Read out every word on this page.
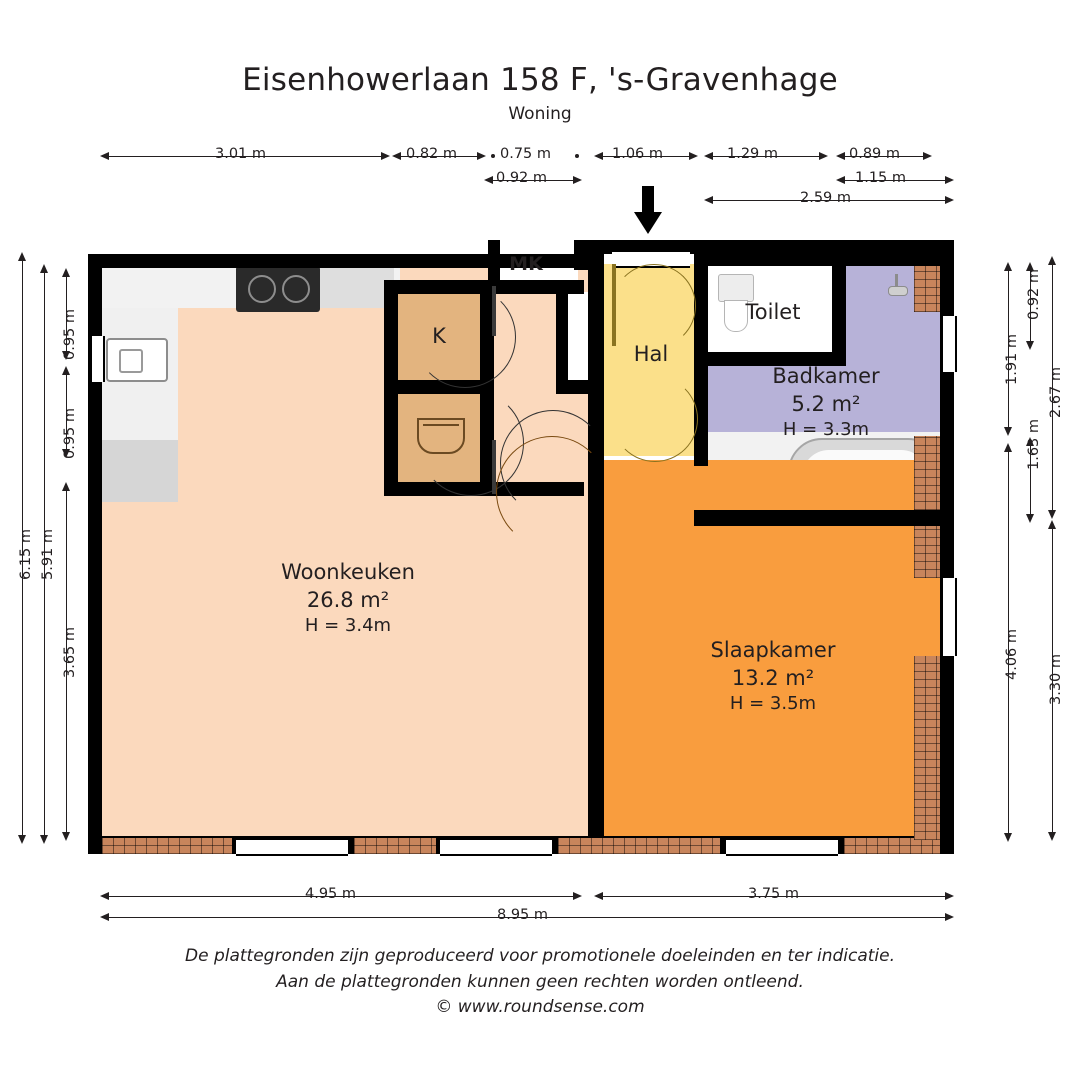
Eisenhowerlaan 158 F, 's-Gravenhage
Woning
3.01 m	0.82 m	0.75 m	1.06 m	1.29 m	0.89 m
0.92 m	1.15 m
2.59 m
6.15 m 5.91 m
0.95 m
0.95 m
3.65 m
1.91 m
1.63 m
4.06 m
0.92 m
2.67 m
3.30 m
4.95 m	3.75 m
8.95 m
Woonkeuken
26.8 m²
H = 3.4m
Slaapkamer
13.2 m²
H = 3.5m
Badkamer
5.2 m²
H = 3.3m
Hal
Toilet
K
MK
De plattegronden zijn geproduceerd voor promotionele doeleinden en ter indicatie.
Aan de plattegronden kunnen geen rechten worden ontleend.
© www.roundsense.com
